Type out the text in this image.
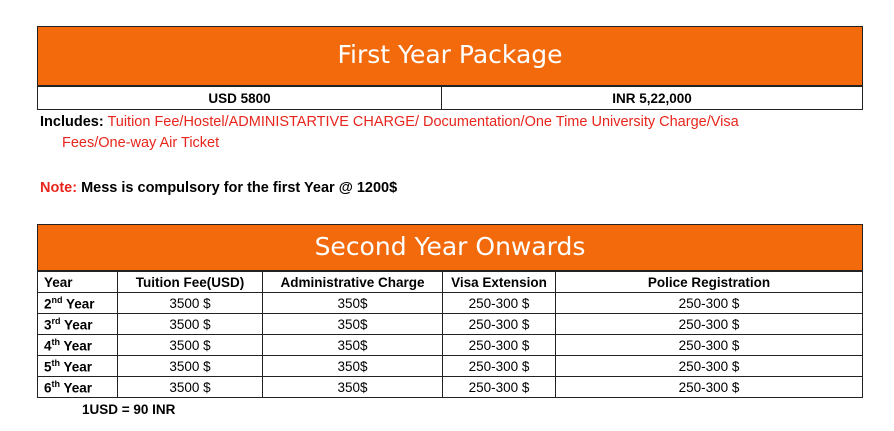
First Year Package
USD 5800	INR 5,22,000
Includes: Tuition Fee/Hostel/ADMINISTARTIVE CHARGE/ Documentation/One Time University Charge/Visa
Fees/One-way Air Ticket
Note: Mess is compulsory for the first Year @ 1200$
Second Year Onwards
Year	Tuition Fee(USD)	Administrative Charge	Visa Extension	Police Registration
2nd Year	3500 $	350$	250-300 $	250-300 $
3rd Year	3500 $	350$	250-300 $	250-300 $
4th Year	3500 $	350$	250-300 $	250-300 $
5th Year	3500 $	350$	250-300 $	250-300 $
6th Year	3500 $	350$	250-300 $	250-300 $
1USD = 90 INR
